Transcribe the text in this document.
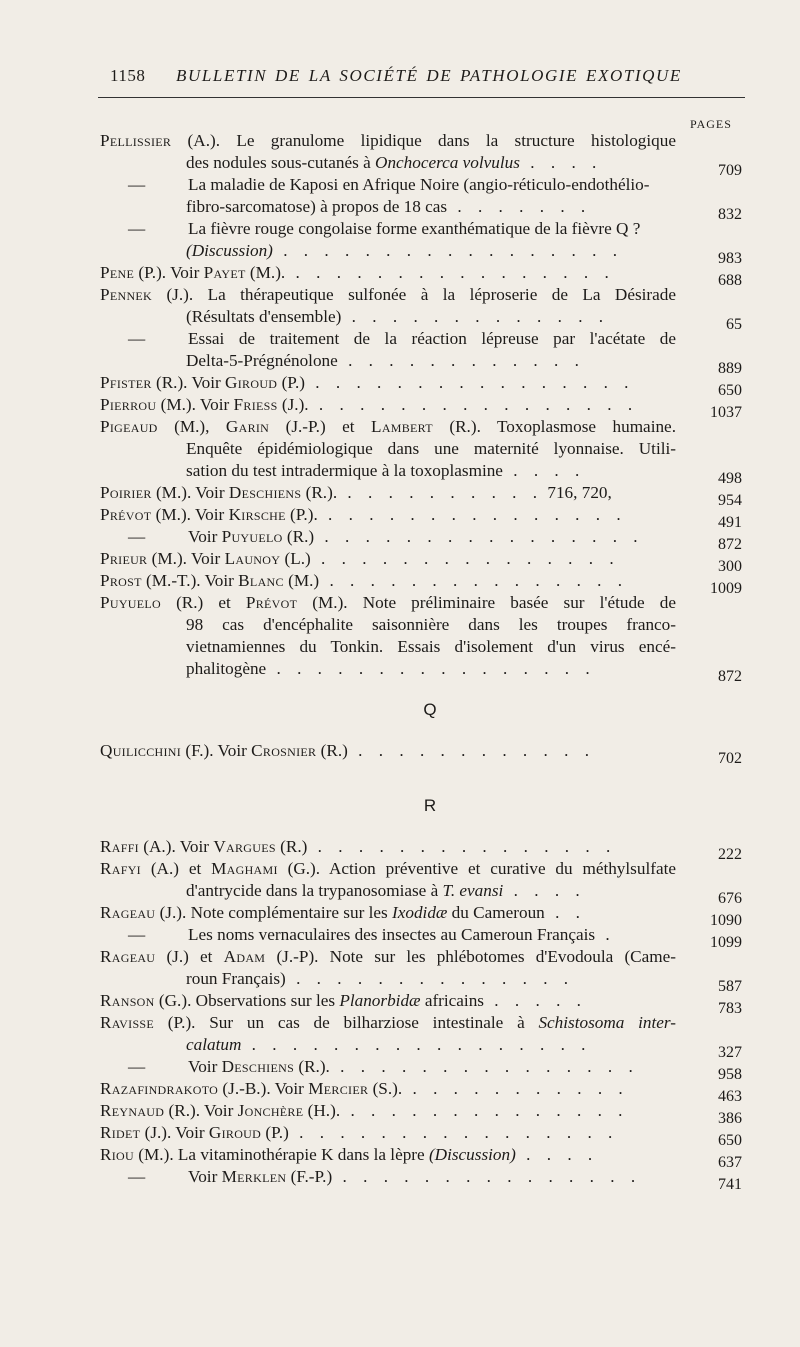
1158 BULLETIN DE LA SOCIÉTÉ DE PATHOLOGIE EXOTIQUE
PAGES
Pellissier (A.). Le granulome lipidique dans la structure histologique
des nodules sous-cutanés à Onchocerca volvulus . . . .	709
— La maladie de Kaposi en Afrique Noire (angio-réticulo-endothélio-
fibro-sarcomatose) à propos de 18 cas . . . . . . .	832
— La fièvre rouge congolaise forme exanthématique de la fièvre Q ?
(Discussion) . . . . . . . . . . . . . . . . .	983
Pene (P.). Voir Payet (M.). . . . . . . . . . . . . . . . .	688
Pennek (J.). La thérapeutique sulfonée à la léproserie de La Désirade
(Résultats d'ensemble) . . . . . . . . . . . . .	65
— Essai de traitement de la réaction lépreuse par l'acétate de
Delta-5-Prégnénolone . . . . . . . . . . . .	889
Pfister (R.). Voir Giroud (P.) . . . . . . . . . . . . . . . .	650
Pierrou (M.). Voir Friess (J.). . . . . . . . . . . . . . . . .	1037
Pigeaud (M.), Garin (J.-P.) et Lambert (R.). Toxoplasmose humaine.
Enquête épidémiologique dans une maternité lyonnaise. Utili-
sation du test intradermique à la toxoplasmine . . . .	498
Poirier (M.). Voir Deschiens (R.). . . . . . . . . . . 716, 720,	954
Prévot (M.). Voir Kirsche (P.). . . . . . . . . . . . . . . .	491
— Voir Puyuelo (R.) . . . . . . . . . . . . . . . .	872
Prieur (M.). Voir Launoy (L.) . . . . . . . . . . . . . . .	300
Prost (M.-T.). Voir Blanc (M.) . . . . . . . . . . . . . . .	1009
Puyuelo (R.) et Prévot (M.). Note préliminaire basée sur l'étude de
98 cas d'encéphalite saisonnière dans les troupes franco-
vietnamiennes du Tonkin. Essais d'isolement d'un virus encé-
phalitogène . . . . . . . . . . . . . . . .	872
Q
Quilicchini (F.). Voir Crosnier (R.) . . . . . . . . . . . .	702
R
Raffi (A.). Voir Vargues (R.) . . . . . . . . . . . . . . .	222
Rafyi (A.) et Maghami (G.). Action préventive et curative du méthylsulfate
d'antrycide dans la trypanosomiase à T. evansi . . . .	676
Rageau (J.). Note complémentaire sur les Ixodidæ du Cameroun . .	1090
— Les noms vernaculaires des insectes au Cameroun Français .	1099
Rageau (J.) et Adam (J.-P). Note sur les phlébotomes d'Evodoula (Came-
roun Français) . . . . . . . . . . . . . .	587
Ranson (G.). Observations sur les Planorbidæ africains . . . . .	783
Ravisse (P.). Sur un cas de bilharziose intestinale à Schistosoma inter-
calatum . . . . . . . . . . . . . . . . .	327
— Voir Deschiens (R.). . . . . . . . . . . . . . . .	958
Razafindrakoto (J.-B.). Voir Mercier (S.). . . . . . . . . . . .	463
Reynaud (R.). Voir Jonchère (H.). . . . . . . . . . . . . . .	386
Ridet (J.). Voir Giroud (P.) . . . . . . . . . . . . . . . .	650
Riou (M.). La vitaminothérapie K dans la lèpre (Discussion) . . . .	637
— Voir Merklen (F.-P.) . . . . . . . . . . . . . . .	741
